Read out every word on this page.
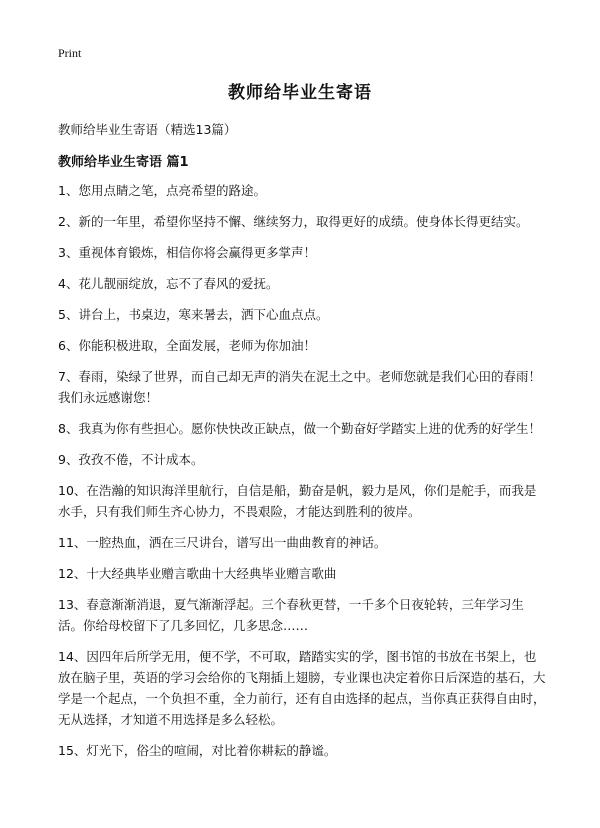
Print
教师给毕业生寄语
教师给毕业生寄语（精选13篇）
教师给毕业生寄语 篇1
1、您用点睛之笔，点亮希望的路途。
2、新的一年里，希望你坚持不懈、继续努力，取得更好的成绩。使身体长得更结实。
3、重视体育锻炼，相信你将会赢得更多掌声！
4、花儿靓丽绽放，忘不了春风的爱抚。
5、讲台上，书桌边，寒来暑去，洒下心血点点。
6、你能积极进取，全面发展，老师为你加油！
7、春雨，染绿了世界，而自己却无声的消失在泥土之中。老师您就是我们心田的春雨！我们永远感谢您！
8、我真为你有些担心。愿你快快改正缺点，做一个勤奋好学踏实上进的优秀的好学生！
9、孜孜不倦，不计成本。
10、在浩瀚的知识海洋里航行，自信是船，勤奋是帆，毅力是风，你们是舵手，而我是水手，只有我们师生齐心协力，不畏艰险，才能达到胜利的彼岸。
11、一腔热血，洒在三尺讲台，谱写出一曲曲教育的神话。
12、十大经典毕业赠言歌曲十大经典毕业赠言歌曲
13、春意渐渐消退，夏气渐渐浮起。三个春秋更替，一千多个日夜轮转，三年学习生活。你给母校留下了几多回忆，几多思念……
14、因四年后所学无用，便不学，不可取，踏踏实实的学，图书馆的书放在书架上，也放在脑子里，英语的学习会给你的飞翔插上翅膀，专业课也决定着你日后深造的基石，大学是一个起点，一个负担不重，全力前行，还有自由选择的起点，当你真正获得自由时，无从选择，才知道不用选择是多么轻松。
15、灯光下，俗尘的喧闹，对比着你耕耘的静谧。
